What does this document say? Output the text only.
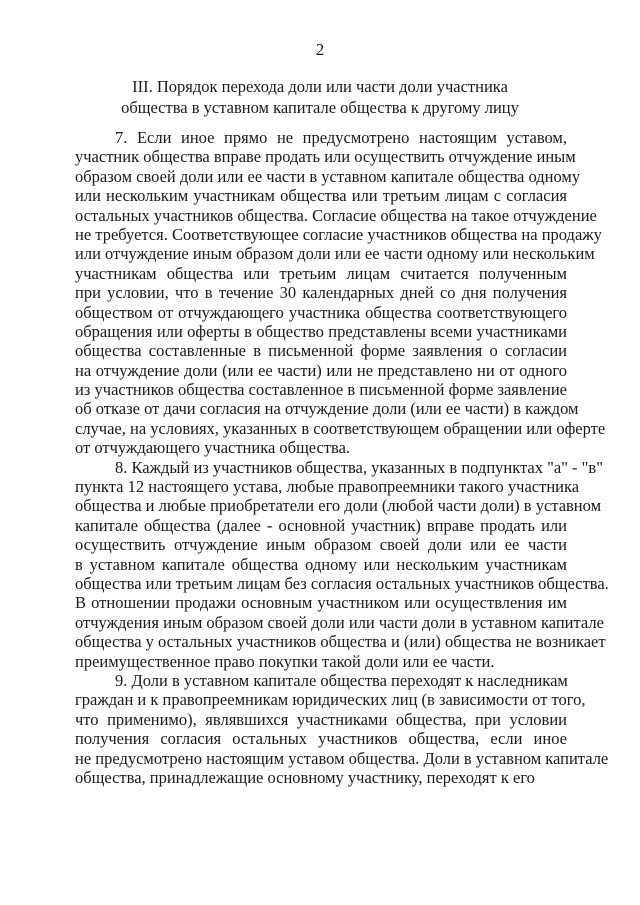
2
III. Порядок перехода доли или части доли участника
общества в уставном капитале общества к другому лицу
7. Если иное прямо не предусмотрено настоящим уставом,
участник общества вправе продать или осуществить отчуждение иным
образом своей доли или ее части в уставном капитале общества одному
или нескольким участникам общества или третьим лицам с согласия
остальных участников общества. Согласие общества на такое отчуждение
не требуется. Соответствующее согласие участников общества на продажу
или отчуждение иным образом доли или ее части одному или нескольким
участникам общества или третьим лицам считается полученным
при условии, что в течение 30 календарных дней со дня получения
обществом от отчуждающего участника общества соответствующего
обращения или оферты в общество представлены всеми участниками
общества составленные в письменной форме заявления о согласии
на отчуждение доли (или ее части) или не представлено ни от одного
из участников общества составленное в письменной форме заявление
об отказе от дачи согласия на отчуждение доли (или ее части) в каждом
случае, на условиях, указанных в соответствующем обращении или оферте
от отчуждающего участника общества.
8. Каждый из участников общества, указанных в подпунктах "а" - "в"
пункта 12 настоящего устава, любые правопреемники такого участника
общества и любые приобретатели его доли (любой части доли) в уставном
капитале общества (далее - основной участник) вправе продать или
осуществить отчуждение иным образом своей доли или ее части
в уставном капитале общества одному или нескольким участникам
общества или третьим лицам без согласия остальных участников общества.
В отношении продажи основным участником или осуществления им
отчуждения иным образом своей доли или части доли в уставном капитале
общества у остальных участников общества и (или) общества не возникает
преимущественное право покупки такой доли или ее части.
9. Доли в уставном капитале общества переходят к наследникам
граждан и к правопреемникам юридических лиц (в зависимости от того,
что применимо), являвшихся участниками общества, при условии
получения согласия остальных участников общества, если иное
не предусмотрено настоящим уставом общества. Доли в уставном капитале
общества, принадлежащие основному участнику, переходят к его
